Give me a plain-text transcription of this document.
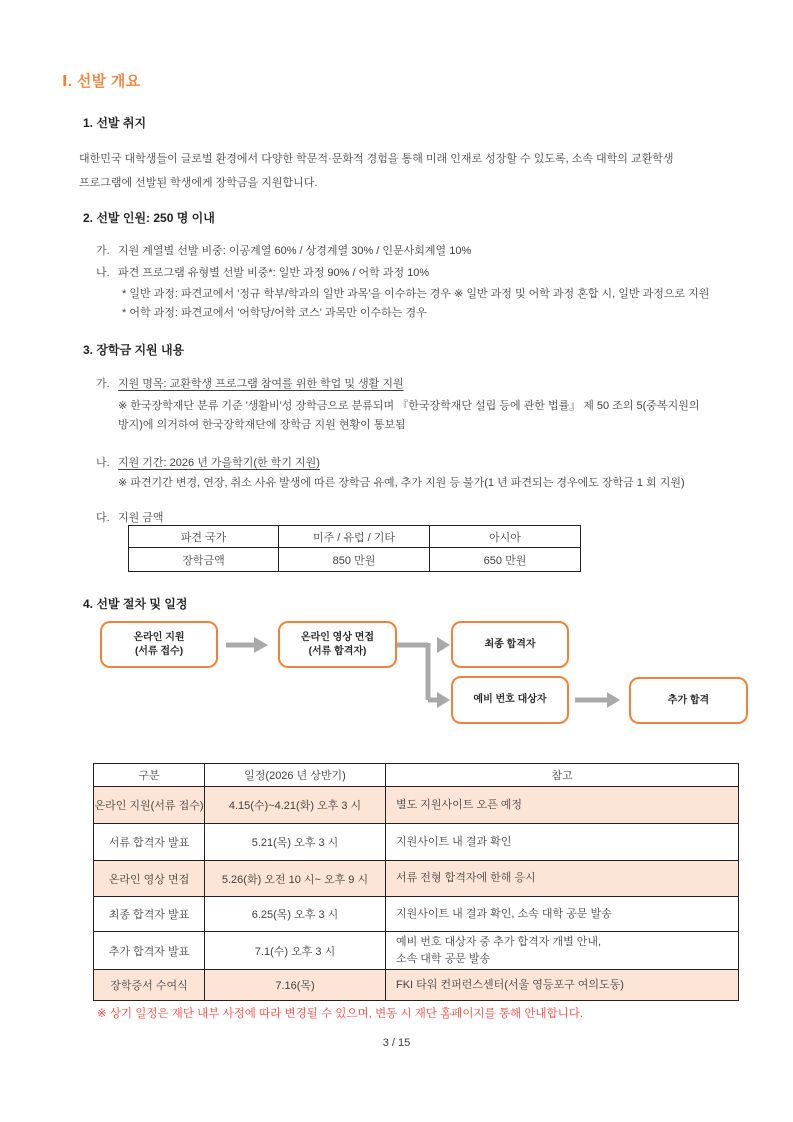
Ⅰ. 선발 개요
1. 선발 취지
대한민국 대학생들이 글로벌 환경에서 다양한 학문적·문화적 경험을 통해 미래 인재로 성장할 수 있도록, 소속 대학의 교환학생
프로그램에 선발된 학생에게 장학금을 지원합니다.
2. 선발 인원: 250 명 이내
가. 지원 계열별 선발 비중: 이공계열 60% / 상경계열 30% / 인문사회계열 10%
나. 파견 프로그램 유형별 선발 비중*: 일반 과정 90% / 어학 과정 10%
* 일반 과정: 파견교에서 '정규 학부/학과의 일반 과목'을 이수하는 경우 ※ 일반 과정 및 어학 과정 혼합 시, 일반 과정으로 지원
* 어학 과정: 파견교에서 '어학당/어학 코스' 과목만 이수하는 경우
3. 장학금 지원 내용
가. 지원 명목: 교환학생 프로그램 참여를 위한 학업 및 생활 지원
※ 한국장학재단 분류 기준 '생활비'성 장학금으로 분류되며 『한국장학재단 설립 등에 관한 법률』 제 50 조의 5(중복지원의
방지)에 의거하여 한국장학재단에 장학금 지원 현황이 통보됨
나. 지원 기간: 2026 년 가을학기(한 학기 지원)
※ 파견기간 변경, 연장, 취소 사유 발생에 따른 장학금 유예, 추가 지원 등 불가(1 년 파견되는 경우에도 장학금 1 회 지원)
다. 지원 금액
파견 국가	미주 / 유럽 / 기타	아시아
장학금액	850 만원	650 만원
4. 선발 절차 및 일정
온라인 지원
(서류 접수)
온라인 영상 면접
(서류 합격자)
최종 합격자
예비 번호 대상자	추가 합격
구분	일정(2026 년 상반기)	참고
온라인 지원(서류 접수)	4.15(수)~4.21(화) 오후 3 시	별도 지원사이트 오픈 예정

서류 합격자 발표	5.21(목) 오후 3 시	지원사이트 내 결과 확인

온라인 영상 면접	5.26(화) 오전 10 시~ 오후 9 시	서류 전형 합격자에 한해 응시

최종 합격자 발표	6.25(목) 오후 3 시	지원사이트 내 결과 확인, 소속 대학 공문 발송

추가 합격자 발표	7.1(수) 오후 3 시	예비 번호 대상자 중 추가 합격자 개별 안내,
소속 대학 공문 발송

장학증서 수여식	7.16(목)	FKI 타워 컨퍼런스센터(서울 영등포구 여의도동)
※ 상기 일정은 재단 내부 사정에 따라 변경될 수 있으며, 변동 시 재단 홈페이지를 통해 안내합니다.
3 / 15
